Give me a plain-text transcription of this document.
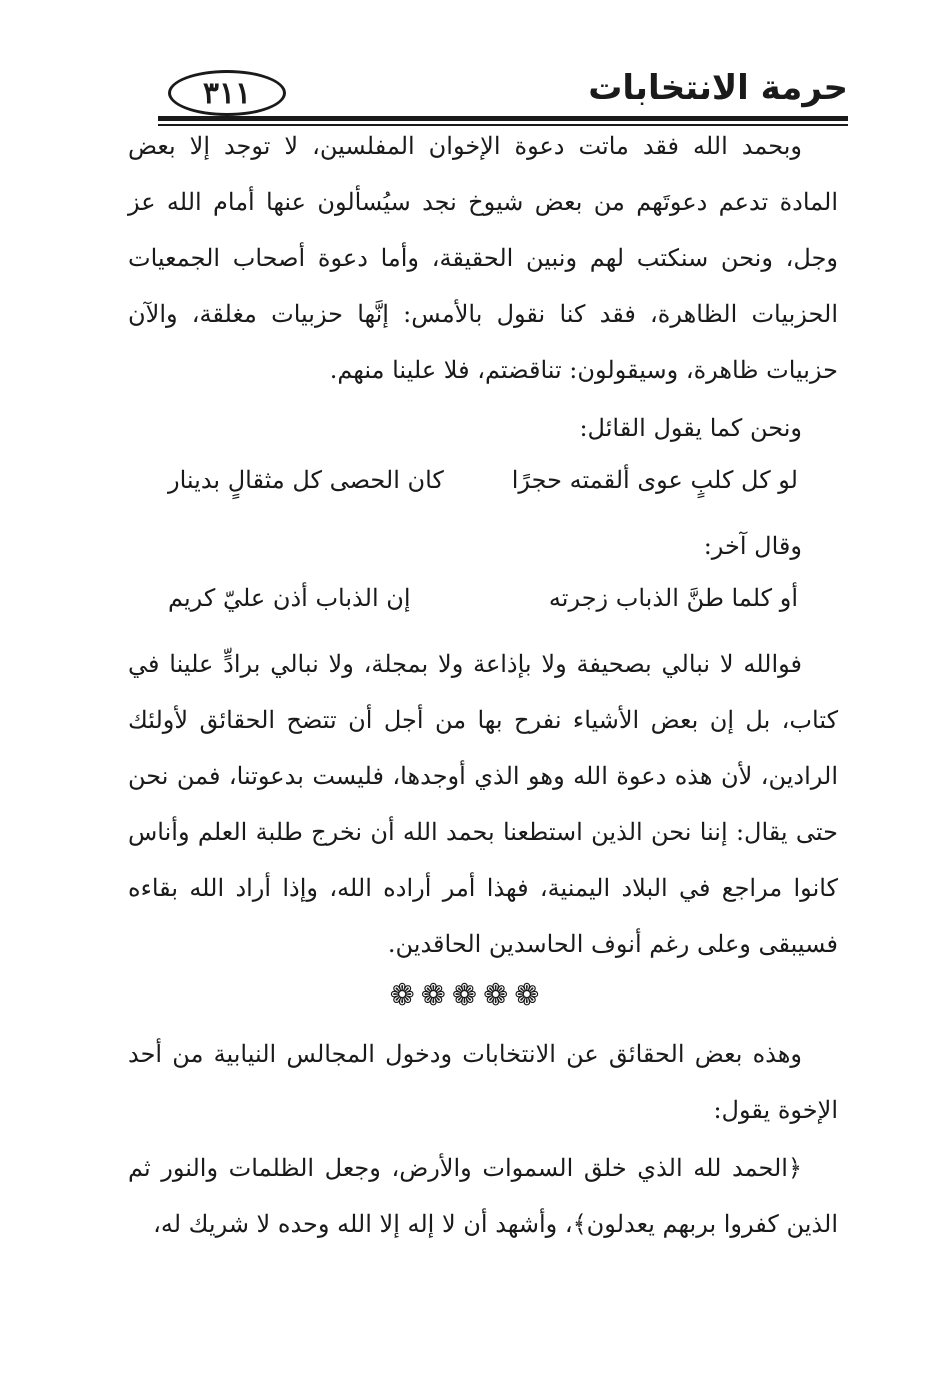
حرمة الانتخابات
٣١١

وبحمد الله فقد ماتت دعوة الإخوان المفلسين، لا توجد إلا بعض المادة تدعم دعوتَهم من بعض شيوخ نجد سيُسألون عنها أمام الله عز وجل، ونحن سنكتب لهم ونبين الحقيقة، وأما دعوة أصحاب الجمعيات الحزبيات الظاهرة، فقد كنا نقول بالأمس: إنَّها حزبيات مغلقة، والآن حزبيات ظاهرة، وسيقولون: تناقضتم، فلا علينا منهم.

ونحن كما يقول القائل:

لو كل كلبٍ عوى ألقمته حجرًا
كان الحصى كل مثقالٍ بدينار

وقال آخر:

أو كلما طنَّ الذباب زجرته
إن الذباب أذن عليّ كريم

فوالله لا نبالي بصحيفة ولا بإذاعة ولا بمجلة، ولا نبالي برادٍّ علينا في كتاب، بل إن بعض الأشياء نفرح بها من أجل أن تتضح الحقائق لأولئك الرادين، لأن هذه دعوة الله وهو الذي أوجدها، فليست بدعوتنا، فمن نحن حتى يقال: إننا نحن الذين استطعنا بحمد الله أن نخرج طلبة العلم وأناس كانوا مراجع في البلاد اليمنية، فهذا أمر أراده الله، وإذا أراد الله بقاءه فسيبقى وعلى رغم أنوف الحاسدين الحاقدين.

❁❁❁❁❁

وهذه بعض الحقائق عن الانتخابات ودخول المجالس النيابية من أحد الإخوة يقول:

﴿الحمد لله الذي خلق السموات والأرض، وجعل الظلمات والنور ثم الذين كفروا بربهم يعدلون﴾، وأشهد أن لا إله إلا الله وحده لا شريك له،
